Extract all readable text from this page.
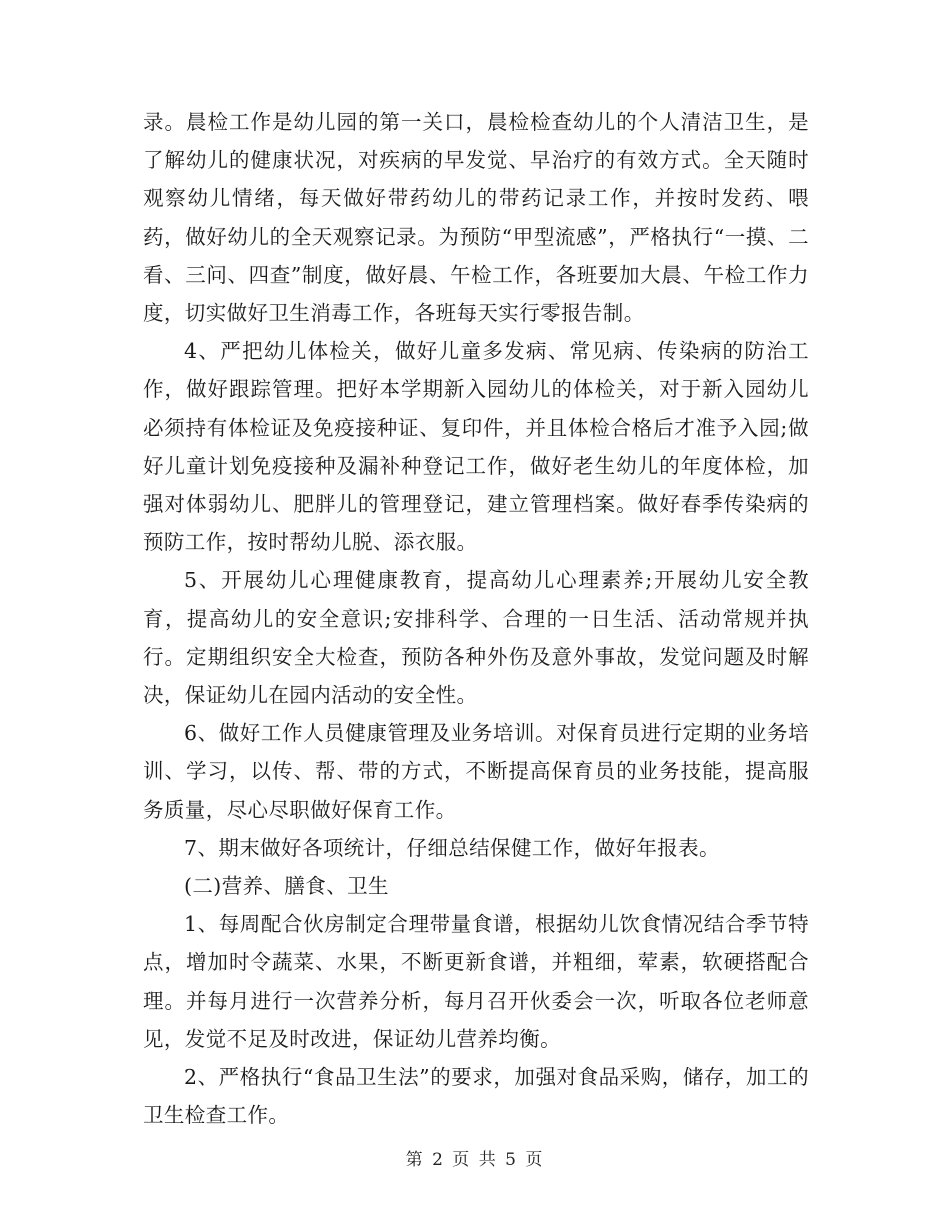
录。晨检工作是幼儿园的第一关口，晨检检查幼儿的个人清洁卫生，是了解幼儿的健康状况，对疾病的早发觉、早治疗的有效方式。全天随时观察幼儿情绪，每天做好带药幼儿的带药记录工作，并按时发药、喂药，做好幼儿的全天观察记录。为预防“甲型流感”，严格执行“一摸、二看、三问、四查”制度，做好晨、午检工作，各班要加大晨、午检工作力度，切实做好卫生消毒工作，各班每天实行零报告制。

4、严把幼儿体检关，做好儿童多发病、常见病、传染病的防治工作，做好跟踪管理。把好本学期新入园幼儿的体检关，对于新入园幼儿必须持有体检证及免疫接种证、复印件，并且体检合格后才准予入园;做好儿童计划免疫接种及漏补种登记工作，做好老生幼儿的年度体检，加强对体弱幼儿、肥胖儿的管理登记，建立管理档案。做好春季传染病的预防工作，按时帮幼儿脱、添衣服。

5、开展幼儿心理健康教育，提高幼儿心理素养;开展幼儿安全教育，提高幼儿的安全意识;安排科学、合理的一日生活、活动常规并执行。定期组织安全大检查，预防各种外伤及意外事故，发觉问题及时解决，保证幼儿在园内活动的安全性。

6、做好工作人员健康管理及业务培训。对保育员进行定期的业务培训、学习，以传、帮、带的方式，不断提高保育员的业务技能，提高服务质量，尽心尽职做好保育工作。

7、期末做好各项统计，仔细总结保健工作，做好年报表。

(二)营养、膳食、卫生

1、每周配合伙房制定合理带量食谱，根据幼儿饮食情况结合季节特点，增加时令蔬菜、水果，不断更新食谱，并粗细，荤素，软硬搭配合理。并每月进行一次营养分析，每月召开伙委会一次，听取各位老师意见，发觉不足及时改进，保证幼儿营养均衡。

2、严格执行“食品卫生法”的要求，加强对食品采购，储存，加工的卫生检查工作。

第 2 页 共 5 页
